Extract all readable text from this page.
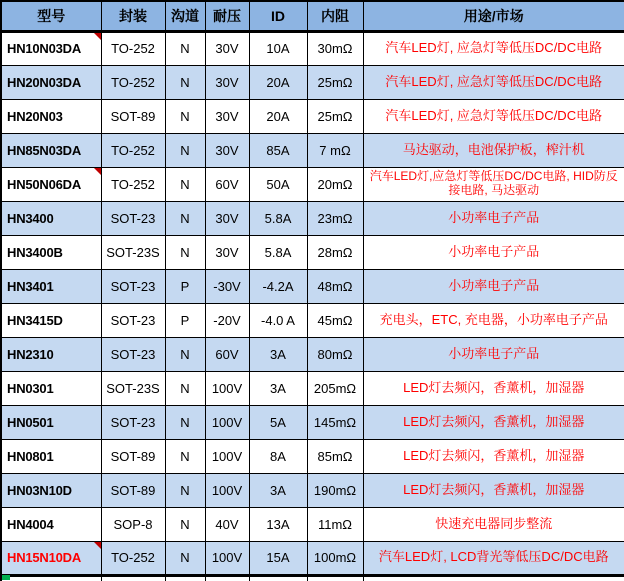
型号	封装	沟道	耐压	ID	内阻	用途/市场
HN10N03DA	TO-252	N	30V	10A	30mΩ	汽车LED灯, 应急灯等低压DC/DC电路
HN20N03DA	TO-252	N	30V	20A	25mΩ	汽车LED灯, 应急灯等低压DC/DC电路
HN20N03	SOT-89	N	30V	20A	25mΩ	汽车LED灯, 应急灯等低压DC/DC电路
HN85N03DA	TO-252	N	30V	85A	7 mΩ	马达驱动，电池保护板，榨汁机
HN50N06DA	TO-252	N	60V	50A	20mΩ	汽车LED灯,应急灯等低压DC/DC电路, HID防反接电路, 马达驱动
HN3400	SOT-23	N	30V	5.8A	23mΩ	小功率电子产品
HN3400B	SOT-23S	N	30V	5.8A	28mΩ	小功率电子产品
HN3401	SOT-23	P	-30V	-4.2A	48mΩ	小功率电子产品
HN3415D	SOT-23	P	-20V	-4.0 A	45mΩ	充电头，ETC, 充电器，小功率电子产品
HN2310	SOT-23	N	60V	3A	80mΩ	小功率电子产品
HN0301	SOT-23S	N	100V	3A	205mΩ	LED灯去频闪，香薰机，加湿器
HN0501	SOT-23	N	100V	5A	145mΩ	LED灯去频闪，香薰机，加湿器
HN0801	SOT-89	N	100V	8A	85mΩ	LED灯去频闪，香薰机，加湿器
HN03N10D	SOT-89	N	100V	3A	190mΩ	LED灯去频闪，香薰机，加湿器
HN4004	SOP-8	N	40V	13A	11mΩ	快速充电器同步整流
HN15N10DA	TO-252	N	100V	15A	100mΩ	汽车LED灯, LCD背光等低压DC/DC电路
